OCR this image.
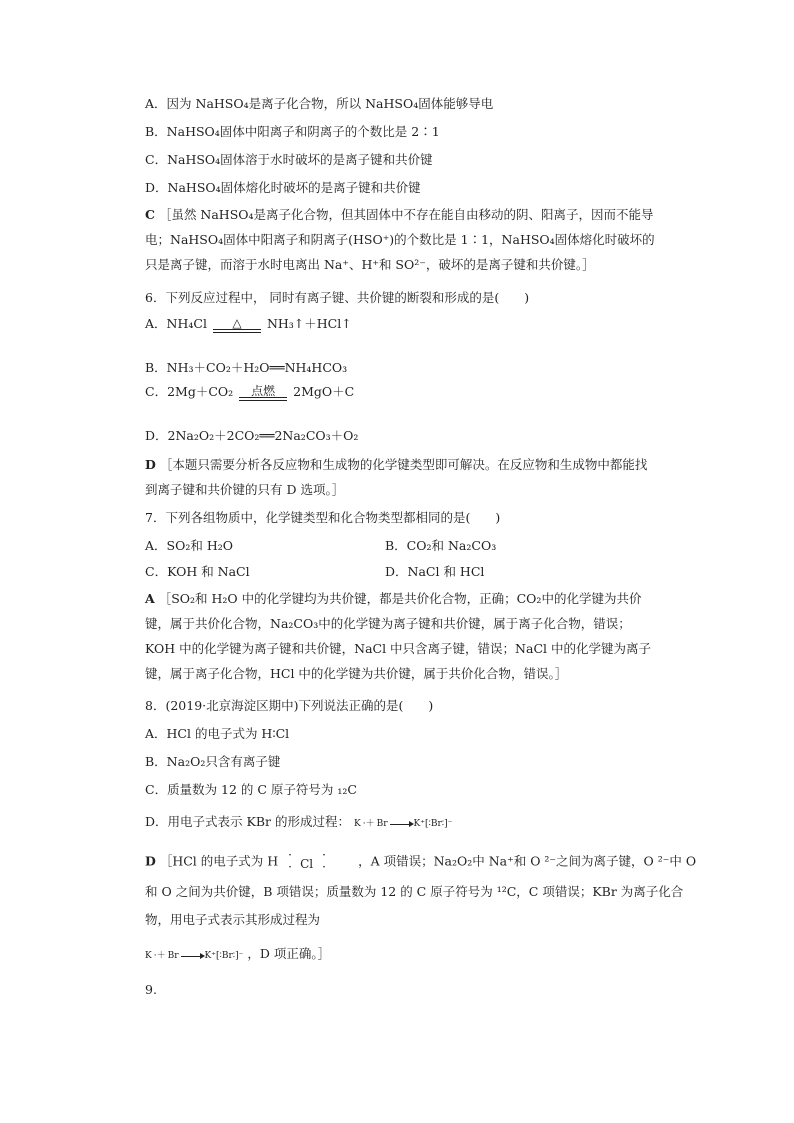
A．因为 NaHSO₄是离子化合物，所以 NaHSO₄固体能够导电
B．NaHSO₄固体中阳离子和阴离子的个数比是 2∶1
C．NaHSO₄固体溶于水时破坏的是离子键和共价键
D．NaHSO₄固体熔化时破坏的是离子键和共价键
C ［虽然 NaHSO₄是离子化合物，但其固体中不存在能自由移动的阴、阳离子，因而不能导电；NaHSO₄固体中阳离子和阴离子(HSO⁺)的个数比是 1∶1，NaHSO₄固体熔化时破坏的只是离子键，而溶于水时电离出 Na⁺、H⁺和 SO²⁻，破坏的是离子键和共价键。］
6．下列反应过程中， 同时有离子键、共价键的断裂和形成的是(　　)
A．NH₄Cl	△	NH₃↑＋HCl↑
B．NH₃＋CO₂＋H₂O══NH₄HCO₃
C．2Mg＋CO₂	点燃	2MgO＋C
D．2Na₂O₂＋2CO₂══2Na₂CO₃＋O₂
D ［本题只需要分析各反应物和生成物的化学键类型即可解决。在反应物和生成物中都能找到离子键和共价键的只有 D 选项。］
7．下列各组物质中，化学键类型和化合物类型都相同的是(　　)
A．SO₂和 H₂O	B．CO₂和 Na₂CO₃
C．KOH 和 NaCl	D．NaCl 和 HCl
A ［SO₂和 H₂O 中的化学键均为共价键，都是共价化合物，正确；CO₂中的化学键为共价键，属于共价化合物，Na₂CO₃中的化学键为离子键和共价键，属于离子化合物，错误；KOH 中的化学键为离子键和共价键，NaCl 中只含离子键，错误；NaCl 中的化学键为离子键，属于离子化合物，HCl 中的化学键为共价键，属于共价化合物，错误。］
8．(2019·北京海淀区期中)下列说法正确的是(　　)
A．HCl 的电子式为 H∶Cl
B．Na₂O₂只含有离子键
C．质量数为 12 的 C 原子符号为 ₁₂C
D．用电子式表示 KBr 的形成过程： K ·＋ Br	K⁺[∶Br∶]⁻
D ［HCl 的电子式为 H ·
· Cl
·
· ，A 项错误；Na₂O₂中 Na⁺和 O ²⁻之间为离子键，O ²⁻中 O
和 O 之间为共价键，B 项错误；质量数为 12 的 C 原子符号为 ¹²C，C 项错误；KBr 为离子化合
物，用电子式表示其形成过程为
K ·＋ Br	K⁺[∶Br∶]⁻ ，D 项正确。］
9.
